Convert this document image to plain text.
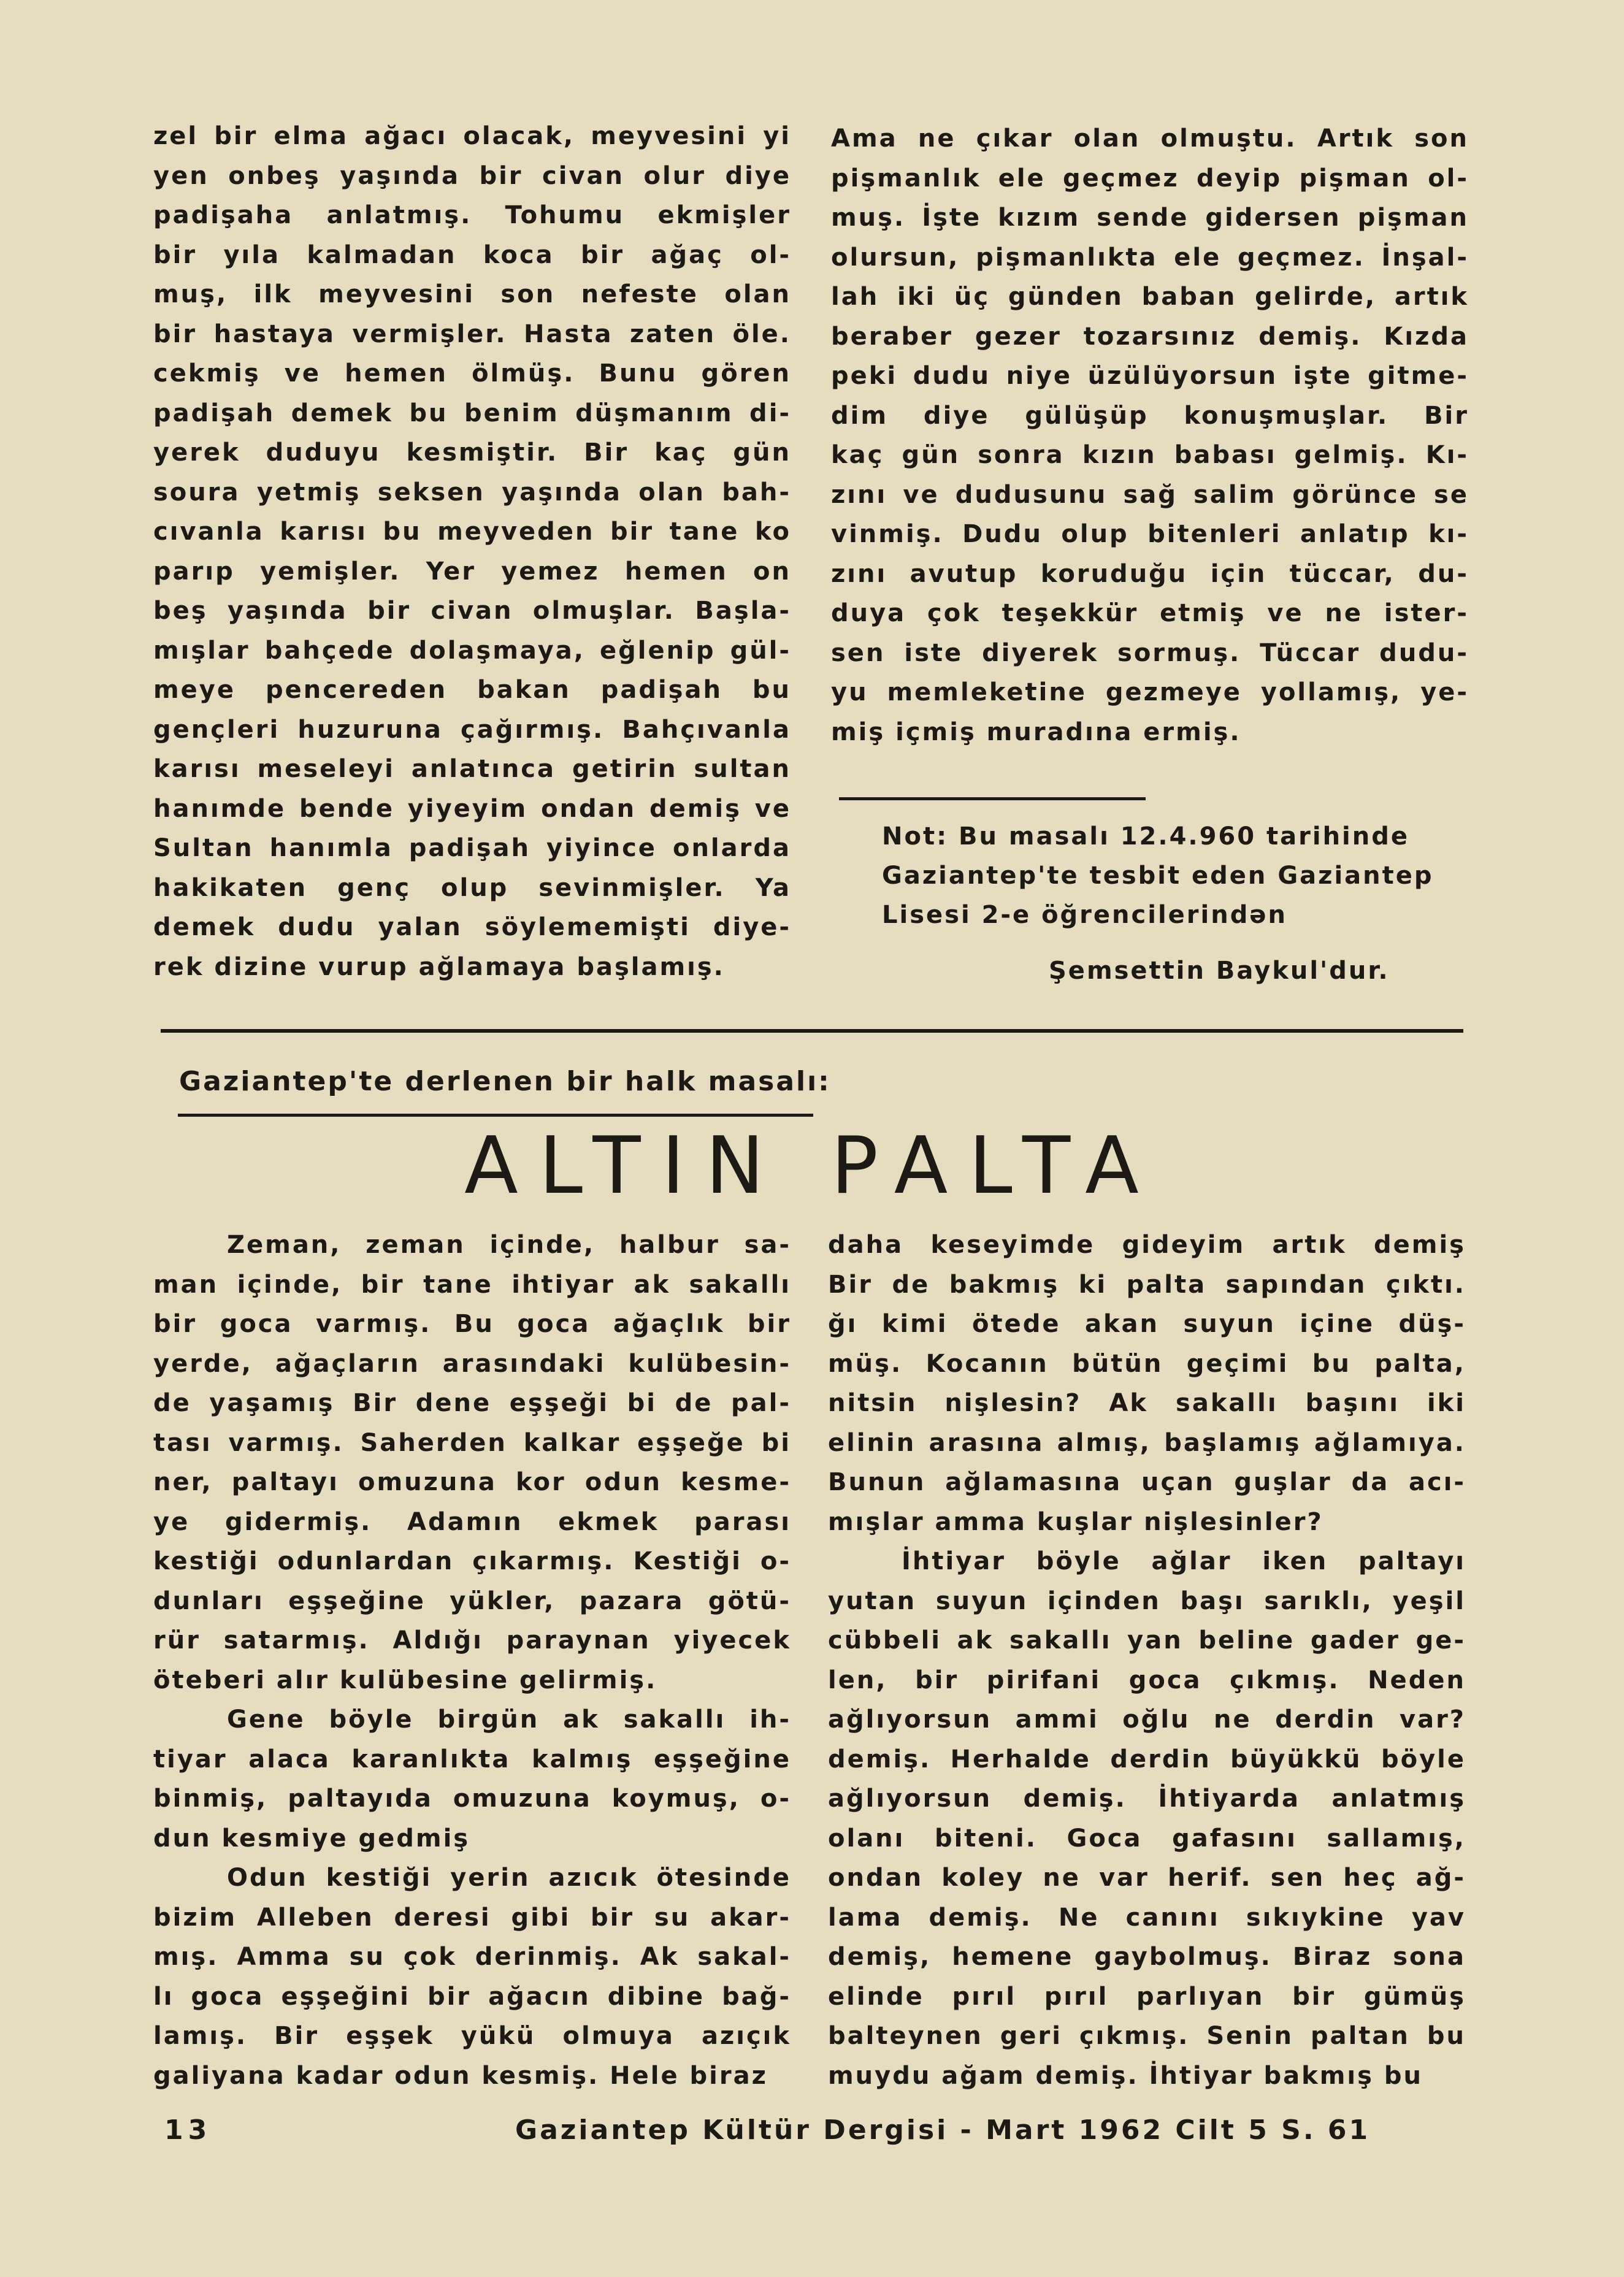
zel bir elma ağacı olacak, meyvesini yi
yen onbeş yaşında bir civan olur diye
padişaha anlatmış. Tohumu ekmişler
bir yıla kalmadan koca bir ağaç ol-
muş, ilk meyvesini son nefeste olan
bir hastaya vermişler. Hasta zaten öle.
cekmiş ve hemen ölmüş. Bunu gören
padişah demek bu benim düşmanım di-
yerek duduyu kesmiştir. Bir kaç gün
soura yetmiş seksen yaşında olan bah-
cıvanla karısı bu meyveden bir tane ko
parıp yemişler. Yer yemez hemen on
beş yaşında bir civan olmuşlar. Başla-
mışlar bahçede dolaşmaya, eğlenip gül-
meye pencereden bakan padişah bu
gençleri huzuruna çağırmış. Bahçıvanla
karısı meseleyi anlatınca getirin sultan
hanımde bende yiyeyim ondan demiş ve
Sultan hanımla padişah yiyince onlarda
hakikaten genç olup sevinmişler. Ya
demek dudu yalan söylememişti diye-
rek dizine vurup ağlamaya başlamış.
Ama ne çıkar olan olmuştu. Artık son
pişmanlık ele geçmez deyip pişman ol-
muş. İşte kızım sende gidersen pişman
olursun, pişmanlıkta ele geçmez. İnşal-
lah iki üç günden baban gelirde, artık
beraber gezer tozarsınız demiş. Kızda
peki dudu niye üzülüyorsun işte gitme-
dim diye gülüşüp konuşmuşlar. Bir
kaç gün sonra kızın babası gelmiş. Kı-
zını ve dudusunu sağ salim görünce se
vinmiş. Dudu olup bitenleri anlatıp kı-
zını avutup koruduğu için tüccar, du-
duya çok teşekkür etmiş ve ne ister-
sen iste diyerek sormuş. Tüccar dudu-
yu memleketine gezmeye yollamış, ye-
miş içmiş muradına ermiş.
Not: Bu masalı 12.4.960 tarihinde
Gaziantep'te tesbit eden Gaziantep
Lisesi 2-e öğrencilerindən
Şemsettin Baykul'dur.
Gaziantep'te derlenen bir halk masalı:
ALTIN PALTA
Zeman, zeman içinde, halbur sa-
man içinde, bir tane ihtiyar ak sakallı
bir goca varmış. Bu goca ağaçlık bir
yerde, ağaçların arasındaki kulübesin-
de yaşamış Bir dene eşşeği bi de pal-
tası varmış. Saherden kalkar eşşeğe bi
ner, paltayı omuzuna kor odun kesme-
ye gidermiş. Adamın ekmek parası
kestiği odunlardan çıkarmış. Kestiği o-
dunları eşşeğine yükler, pazara götü-
rür satarmış. Aldığı paraynan yiyecek
öteberi alır kulübesine gelirmiş.
Gene böyle birgün ak sakallı ih-
tiyar alaca karanlıkta kalmış eşşeğine
binmiş, paltayıda omuzuna koymuş, o-
dun kesmiye gedmiş
Odun kestiği yerin azıcık ötesinde
bizim Alleben deresi gibi bir su akar-
mış. Amma su çok derinmiş. Ak sakal-
lı goca eşşeğini bir ağacın dibine bağ-
lamış. Bir eşşek yükü olmuya azıçık
galiyana kadar odun kesmiş. Hele biraz
daha keseyimde gideyim artık demiş
Bir de bakmış ki palta sapından çıktı.
ğı kimi ötede akan suyun içine düş-
müş. Kocanın bütün geçimi bu palta,
nitsin nişlesin? Ak sakallı başını iki
elinin arasına almış, başlamış ağlamıya.
Bunun ağlamasına uçan guşlar da acı-
mışlar amma kuşlar nişlesinler?
İhtiyar böyle ağlar iken paltayı
yutan suyun içinden başı sarıklı, yeşil
cübbeli ak sakallı yan beline gader ge-
len, bir pirifani goca çıkmış. Neden
ağlıyorsun ammi oğlu ne derdin var?
demiş. Herhalde derdin büyükkü böyle
ağlıyorsun demiş. İhtiyarda anlatmış
olanı biteni. Goca gafasını sallamış,
ondan koley ne var herif. sen heç ağ-
lama demiş. Ne canını sıkıykine yav
demiş, hemene gaybolmuş. Biraz sona
elinde pırıl pırıl parlıyan bir gümüş
balteynen geri çıkmış. Senin paltan bu
muydu ağam demiş. İhtiyar bakmış bu
13	Gaziantep Kültür Dergisi - Mart 1962 Cilt 5 S. 61
